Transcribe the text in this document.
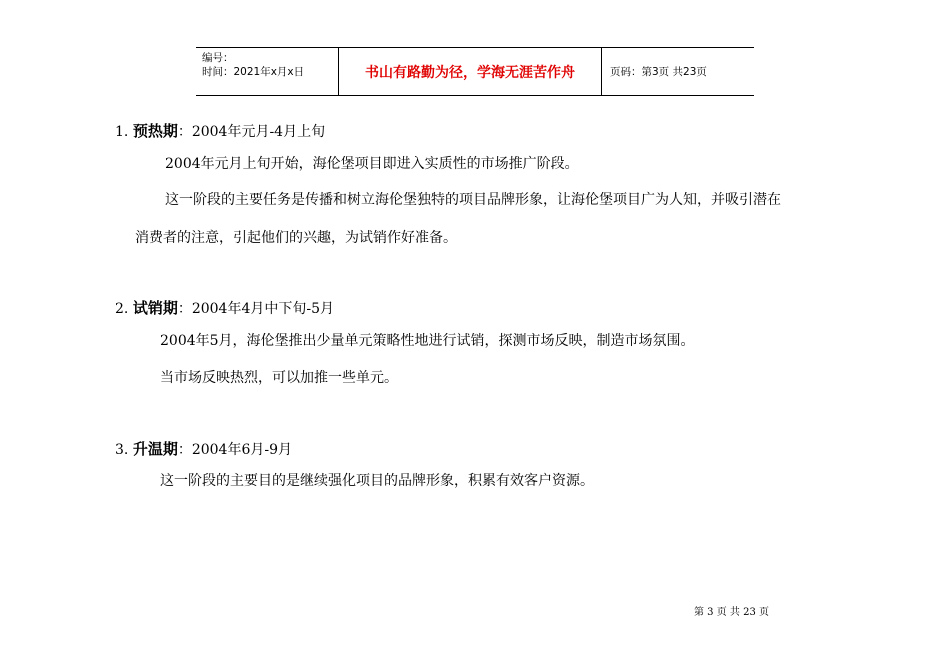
编号：
时间：2021年x月x日	书山有路勤为径，学海无涯苦作舟	页码：第3页 共23页
1. 预热期：2004年元月-4月上旬
2004年元月上旬开始，海伦堡项目即进入实质性的市场推广阶段。
这一阶段的主要任务是传播和树立海伦堡独特的项目品牌形象，让海伦堡项目广为人知，并吸引潜在
消费者的注意，引起他们的兴趣，为试销作好准备。
2. 试销期：2004年4月中下旬-5月
2004年5月，海伦堡推出少量单元策略性地进行试销，探测市场反映，制造市场氛围。
当市场反映热烈，可以加推一些单元。
3. 升温期：2004年6月-9月
这一阶段的主要目的是继续强化项目的品牌形象，积累有效客户资源。
第 3 页 共 23 页
